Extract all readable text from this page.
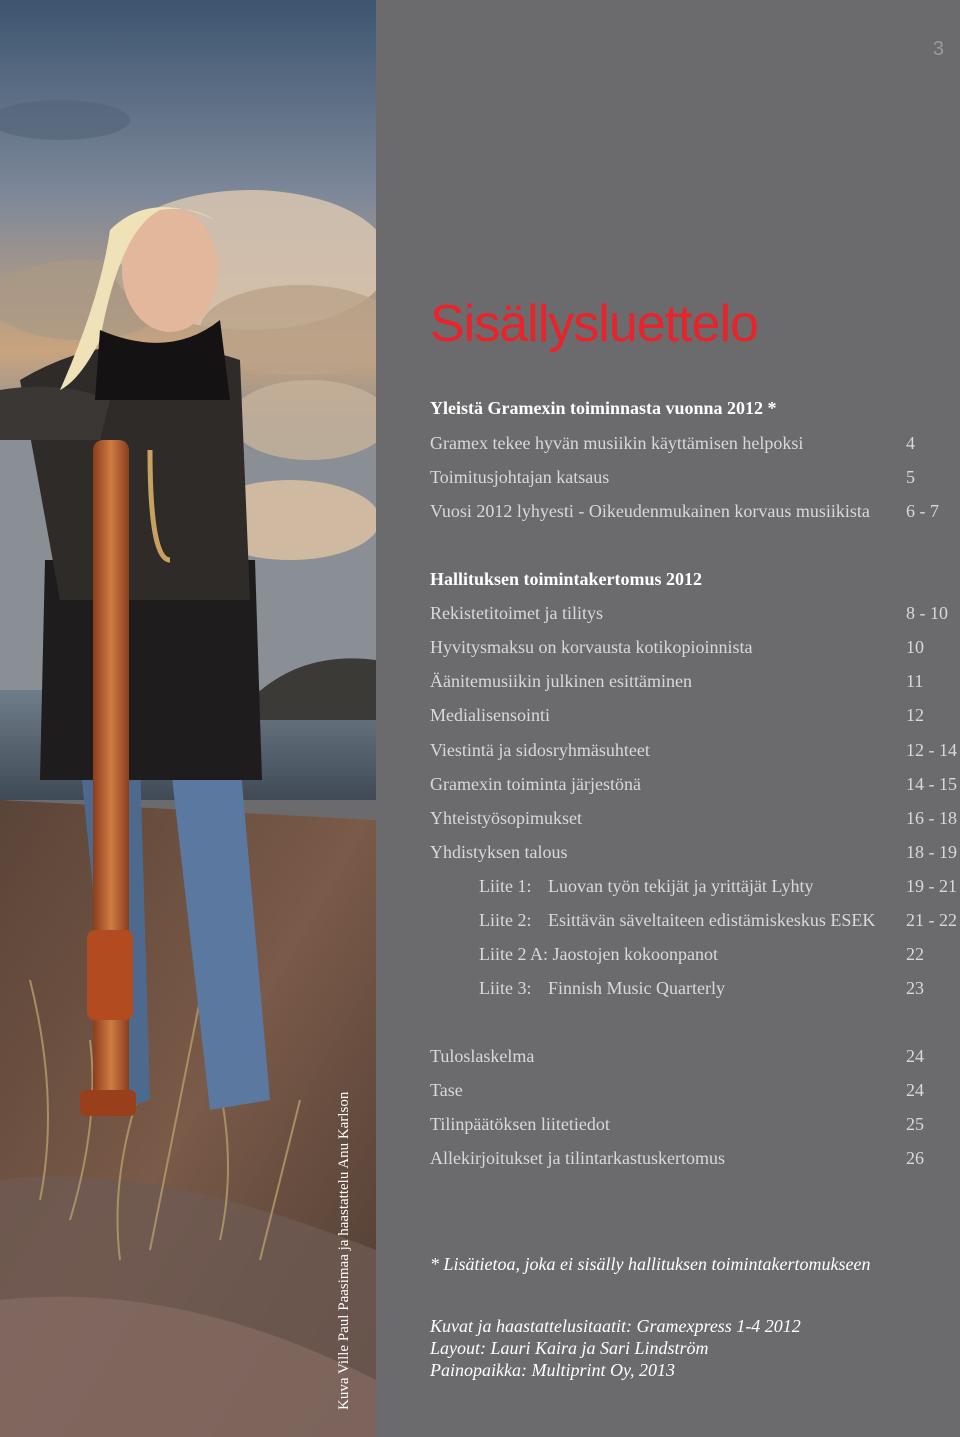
Kuva Ville Paul Paasimaa ja haastattelu Anu Karlson
3
Sisällysluettelo
Yleistä Gramexin toiminnasta vuonna 2012 *
Gramex tekee hyvän musiikin käyttämisen helpoksi	4
Toimitusjohtajan katsaus	5
Vuosi 2012 lyhyesti - Oikeudenmukainen korvaus musiikista 6 - 7
Hallituksen toimintakertomus 2012
Rekistetitoimet ja tilitys	8 - 10
Hyvitysmaksu on korvausta kotikopioinnista	10
Äänitemusiikin julkinen esittäminen	11
Medialisensointi	12
Viestintä ja sidosryhmäsuhteet	12 - 14
Gramexin toiminta järjestönä	14 - 15
Yhteistyösopimukset	16 - 18
Yhdistyksen talous	18 - 19
Liite 1: Luovan työn tekijät ja yrittäjät Lyhty	19 - 21
Liite 2: Esittävän säveltaiteen edistämiskeskus ESEK 21 - 22
Liite 2 A: Jaostojen kokoonpanot	22
Liite 3: Finnish Music Quarterly	23
Tuloslaskelma	24
Tase	24
Tilinpäätöksen liitetiedot	25
Allekirjoitukset ja tilintarkastuskertomus	26
* Lisätietoa, joka ei sisälly hallituksen toimintakertomukseen
Kuvat ja haastattelusitaatit: Gramexpress 1-4 2012
Layout: Lauri Kaira ja Sari Lindström
Painopaikka: Multiprint Oy, 2013
